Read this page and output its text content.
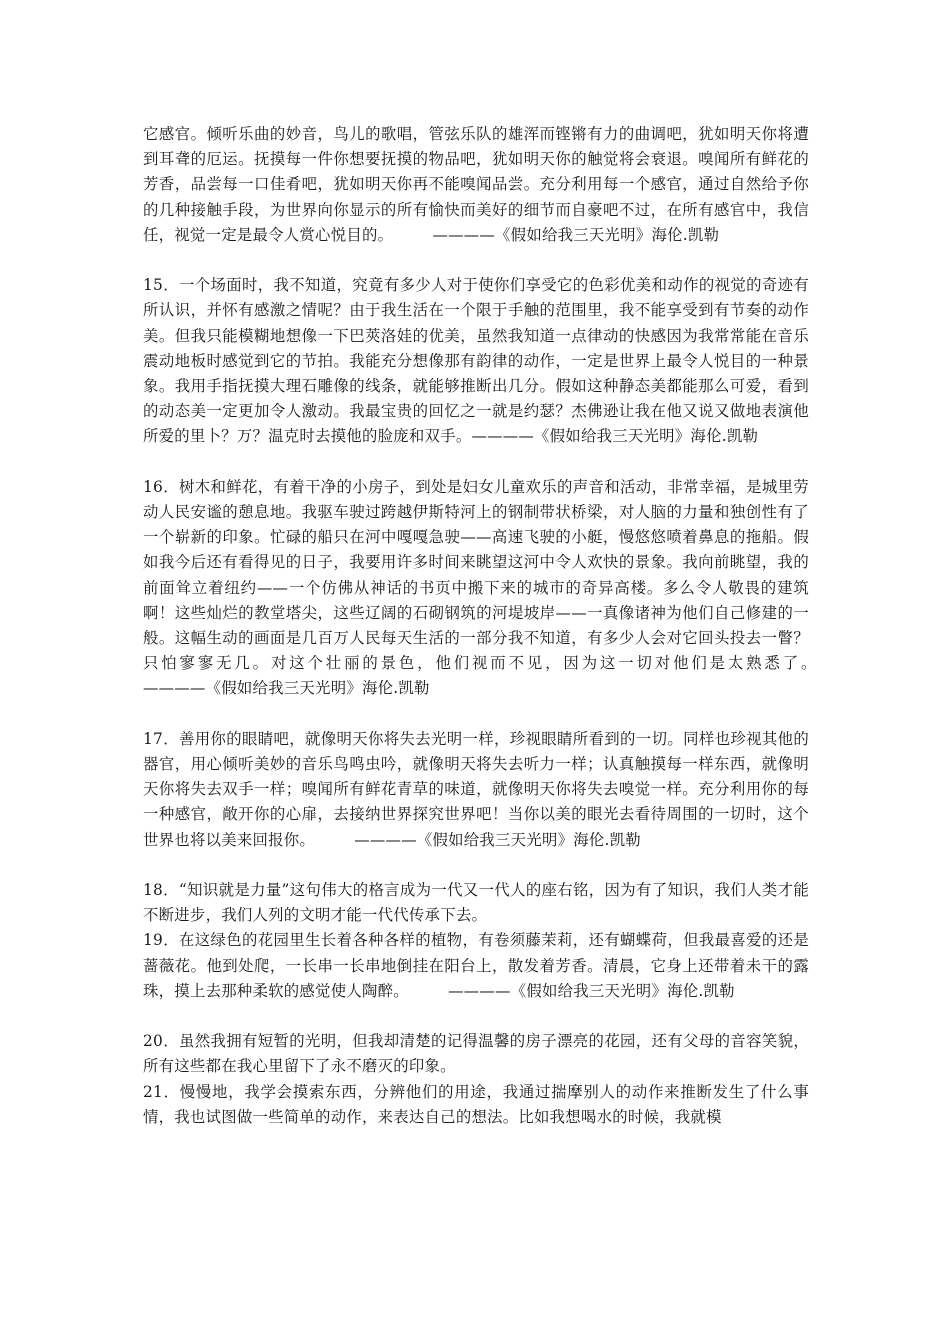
它感官。倾听乐曲的妙音，鸟儿的歌唱，管弦乐队的雄浑而铿锵有力的曲调吧，犹如明天你将遭到耳聋的厄运。抚摸每一件你想要抚摸的物品吧，犹如明天你的触觉将会衰退。嗅闻所有鲜花的芳香，品尝每一口佳肴吧，犹如明天你再不能嗅闻品尝。充分利用每一个感官，通过自然给予你的几种接触手段，为世界向你显示的所有愉快而美好的细节而自豪吧不过，在所有感官中，我信任，视觉一定是最令人赏心悦目的。　　　————《假如给我三天光明》海伦.凯勒

15．一个场面时，我不知道，究竟有多少人对于使你们享受它的色彩优美和动作的视觉的奇迹有所认识，并怀有感激之情呢？由于我生活在一个限于手触的范围里，我不能享受到有节奏的动作美。但我只能模糊地想像一下巴莢洛娃的优美，虽然我知道一点律动的快感因为我常常能在音乐震动地板时感觉到它的节拍。我能充分想像那有韵律的动作，一定是世界上最令人悦目的一种景象。我用手指抚摸大理石雕像的线条，就能够推断出几分。假如这种静态美都能那么可爱，看到的动态美一定更加令人激动。我最宝贵的回忆之一就是约瑟？杰佛逊让我在他又说又做地表演他所爱的里卜？万？温克时去摸他的脸庞和双手。————《假如给我三天光明》海伦.凯勒

16．树木和鲜花，有着干净的小房子，到处是妇女儿童欢乐的声音和活动，非常幸福，是城里劳动人民安谧的憩息地。我驱车驶过跨越伊斯特河上的钢制带状桥梁，对人脑的力量和独创性有了一个崭新的印象。忙碌的船只在河中嘎嘎急驶——高速飞驶的小艇，慢悠悠喷着鼻息的拖船。假如我今后还有看得见的日子，我要用许多时间来眺望这河中令人欢快的景象。我向前眺望，我的前面耸立着纽约——一个仿佛从神话的书页中搬下来的城市的奇异高楼。多么令人敬畏的建筑啊！这些灿烂的教堂塔尖，这些辽阔的石砌钢筑的河堤坡岸——一真像诸神为他们自己修建的一般。这幅生动的画面是几百万人民每天生活的一部分我不知道，有多少人会对它回头投去一瞥？只怕寥寥无几。对这个壮丽的景色，他们视而不见，因为这一切对他们是太熟悉了。　　　————《假如给我三天光明》海伦.凯勒

17．善用你的眼睛吧，就像明天你将失去光明一样，珍视眼睛所看到的一切。同样也珍视其他的器官，用心倾听美妙的音乐鸟鸣虫吟，就像明天将失去听力一样；认真触摸每一样东西，就像明天你将失去双手一样；嗅闻所有鲜花青草的味道，就像明天你将失去嗅觉一样。充分利用你的每一种感官，敞开你的心扉，去接纳世界探究世界吧！当你以美的眼光去看待周围的一切时，这个世界也将以美来回报你。　　　————《假如给我三天光明》海伦.凯勒

18．“知识就是力量”这句伟大的格言成为一代又一代人的座右铭，因为有了知识，我们人类才能不断进步，我们人列的文明才能一代代传承下去。

19．在这绿色的花园里生长着各种各样的植物，有卷须藤茉莉，还有蝴蝶荷，但我最喜爱的还是蔷薇花。他到处爬，一长串一长串地倒挂在阳台上，散发着芳香。清晨，它身上还带着未干的露珠，摸上去那种柔软的感觉使人陶醉。　　　————《假如给我三天光明》海伦.凯勒

20．虽然我拥有短暂的光明，但我却清楚的记得温馨的房子漂亮的花园，还有父母的音容笑貌，所有这些都在我心里留下了永不磨灭的印象。

21．慢慢地，我学会摸索东西，分辨他们的用途，我通过揣摩别人的动作来推断发生了什么事情，我也试图做一些简单的动作，来表达自己的想法。比如我想喝水的时候，我就模
